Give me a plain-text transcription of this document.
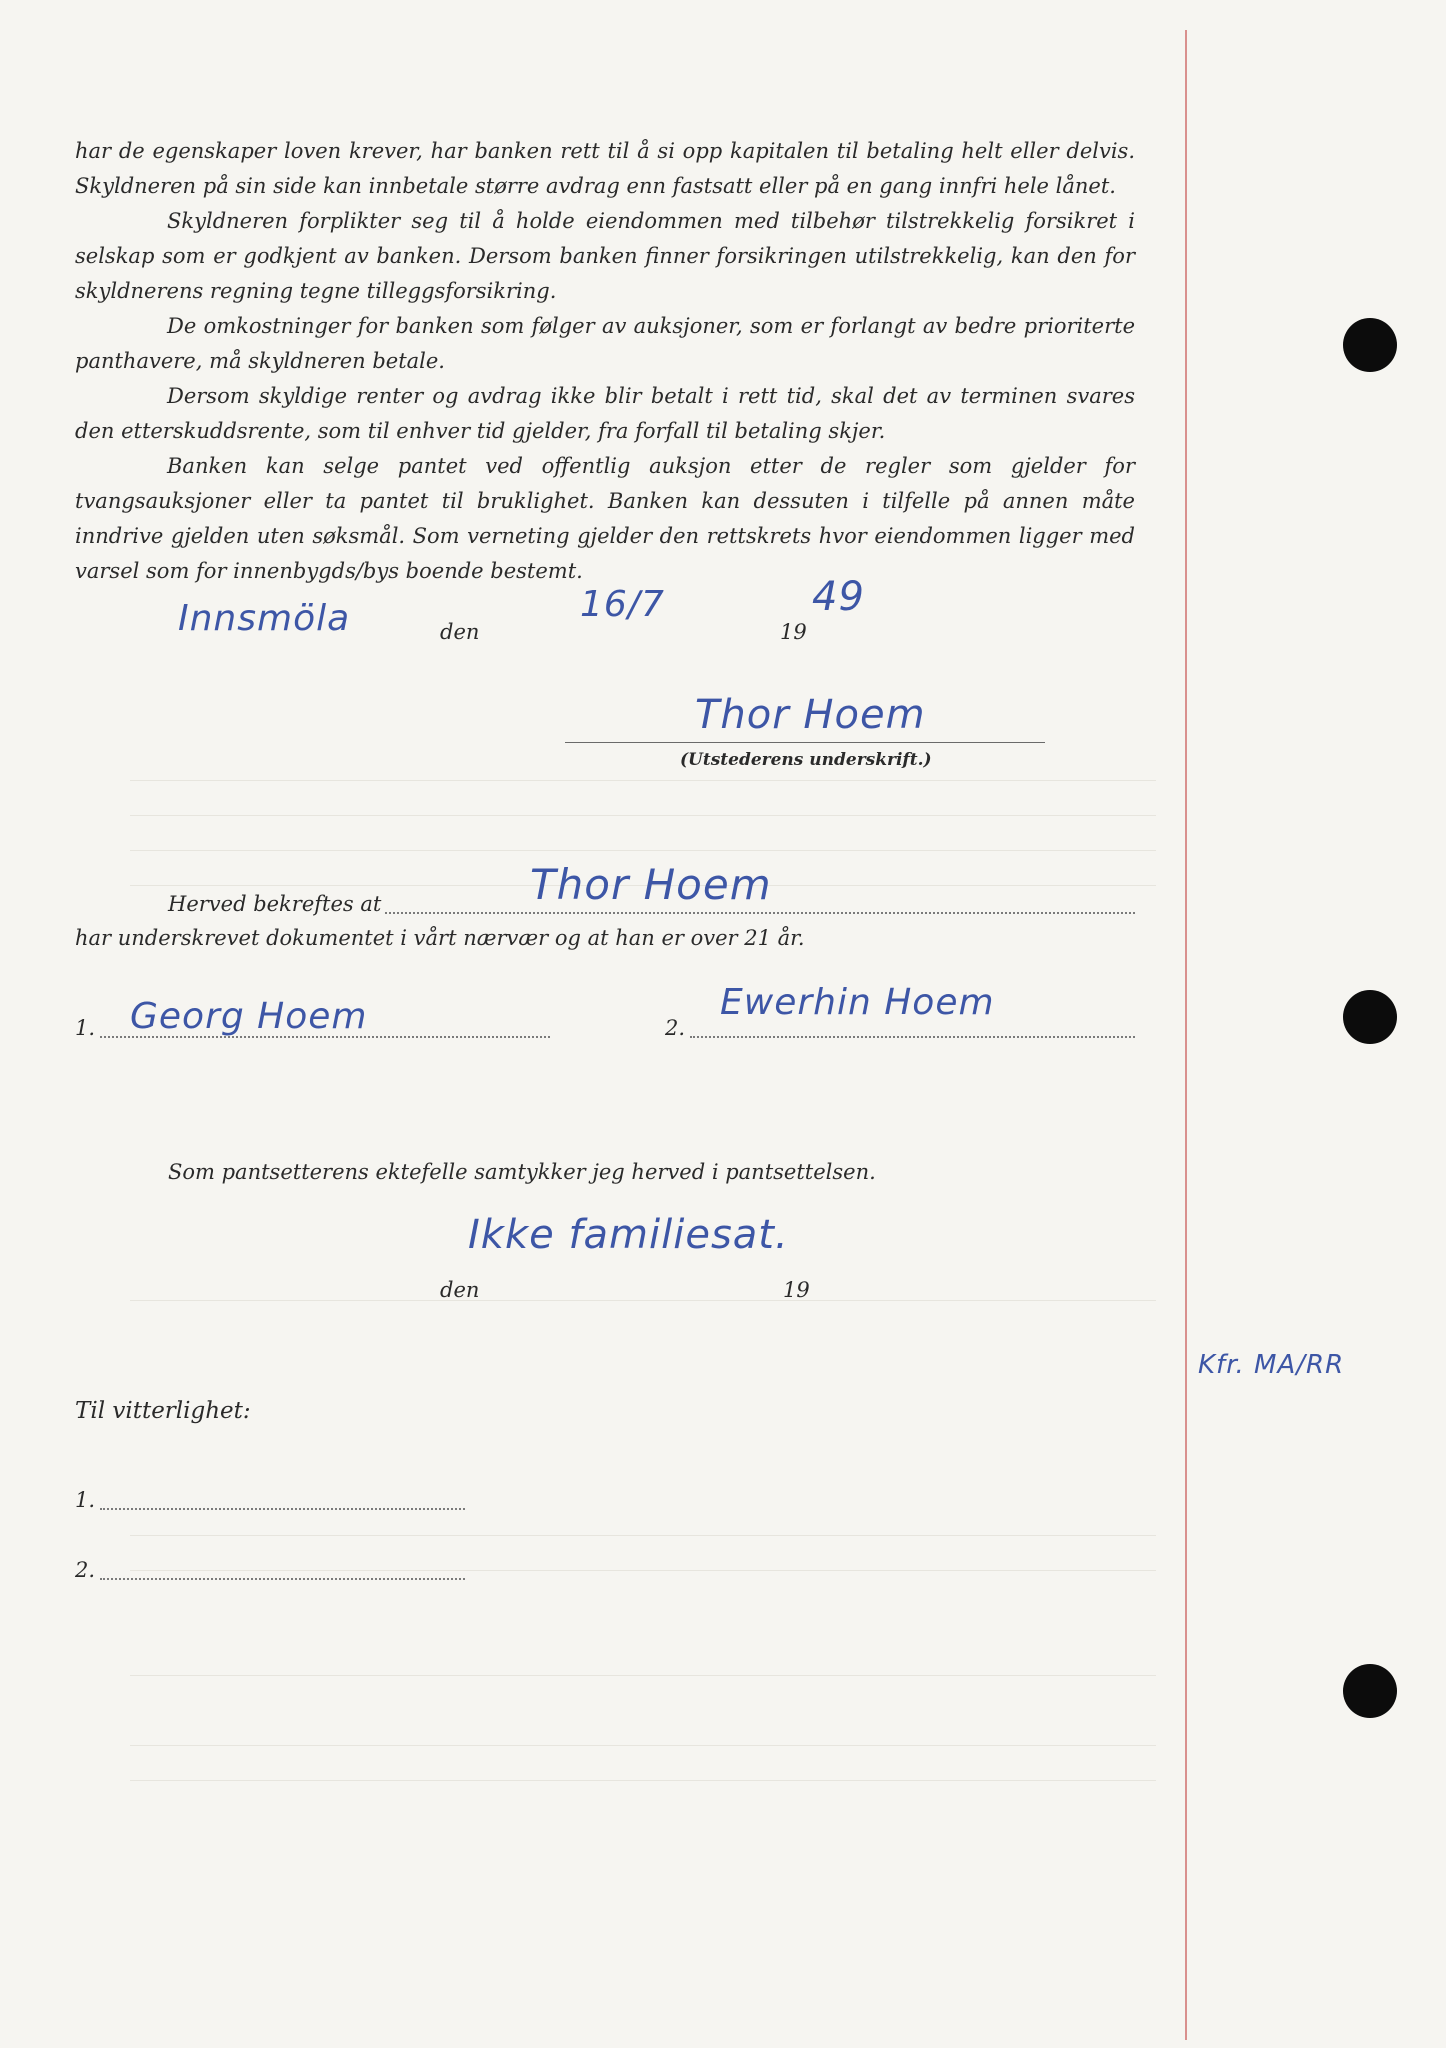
har de egenskaper loven krever, har banken rett til å si opp kapitalen til betaling helt eller delvis. Skyldneren på sin side kan innbetale større avdrag enn fastsatt eller på en gang innfri hele lånet.

Skyldneren forplikter seg til å holde eiendommen med tilbehør tilstrekkelig forsikret i selskap som er godkjent av banken. Dersom banken finner forsikringen utilstrekkelig, kan den for skyldnerens regning tegne tilleggsforsikring.

De omkostninger for banken som følger av auksjoner, som er forlangt av bedre prioriterte panthavere, må skyldneren betale.

Dersom skyldige renter og avdrag ikke blir betalt i rett tid, skal det av terminen svares den etterskuddsrente, som til enhver tid gjelder, fra forfall til betaling skjer.

Banken kan selge pantet ved offentlig auksjon etter de regler som gjelder for tvangsauksjoner eller ta pantet til bruklighet. Banken kan dessuten i tilfelle på annen måte inndrive gjelden uten søksmål. Som verneting gjelder den rettskrets hvor eiendommen ligger med varsel som for innenbygds/bys boende bestemt.

Innsmöla	den
16/7
19
49
Thor Hoem
(Utstederens underskrift.)
Thor Hoem
Herved bekreftes at
har underskrevet dokumentet i vårt nærvær og at han er over 21 år.
1. Georg Hoem	2.
Ewerhin Hoem
Som pantsetterens ektefelle samtykker jeg herved i pantsettelsen.
Ikke familiesat.
den	19
Kfr. MA/RR
Til vitterlighet:
1.
2.
